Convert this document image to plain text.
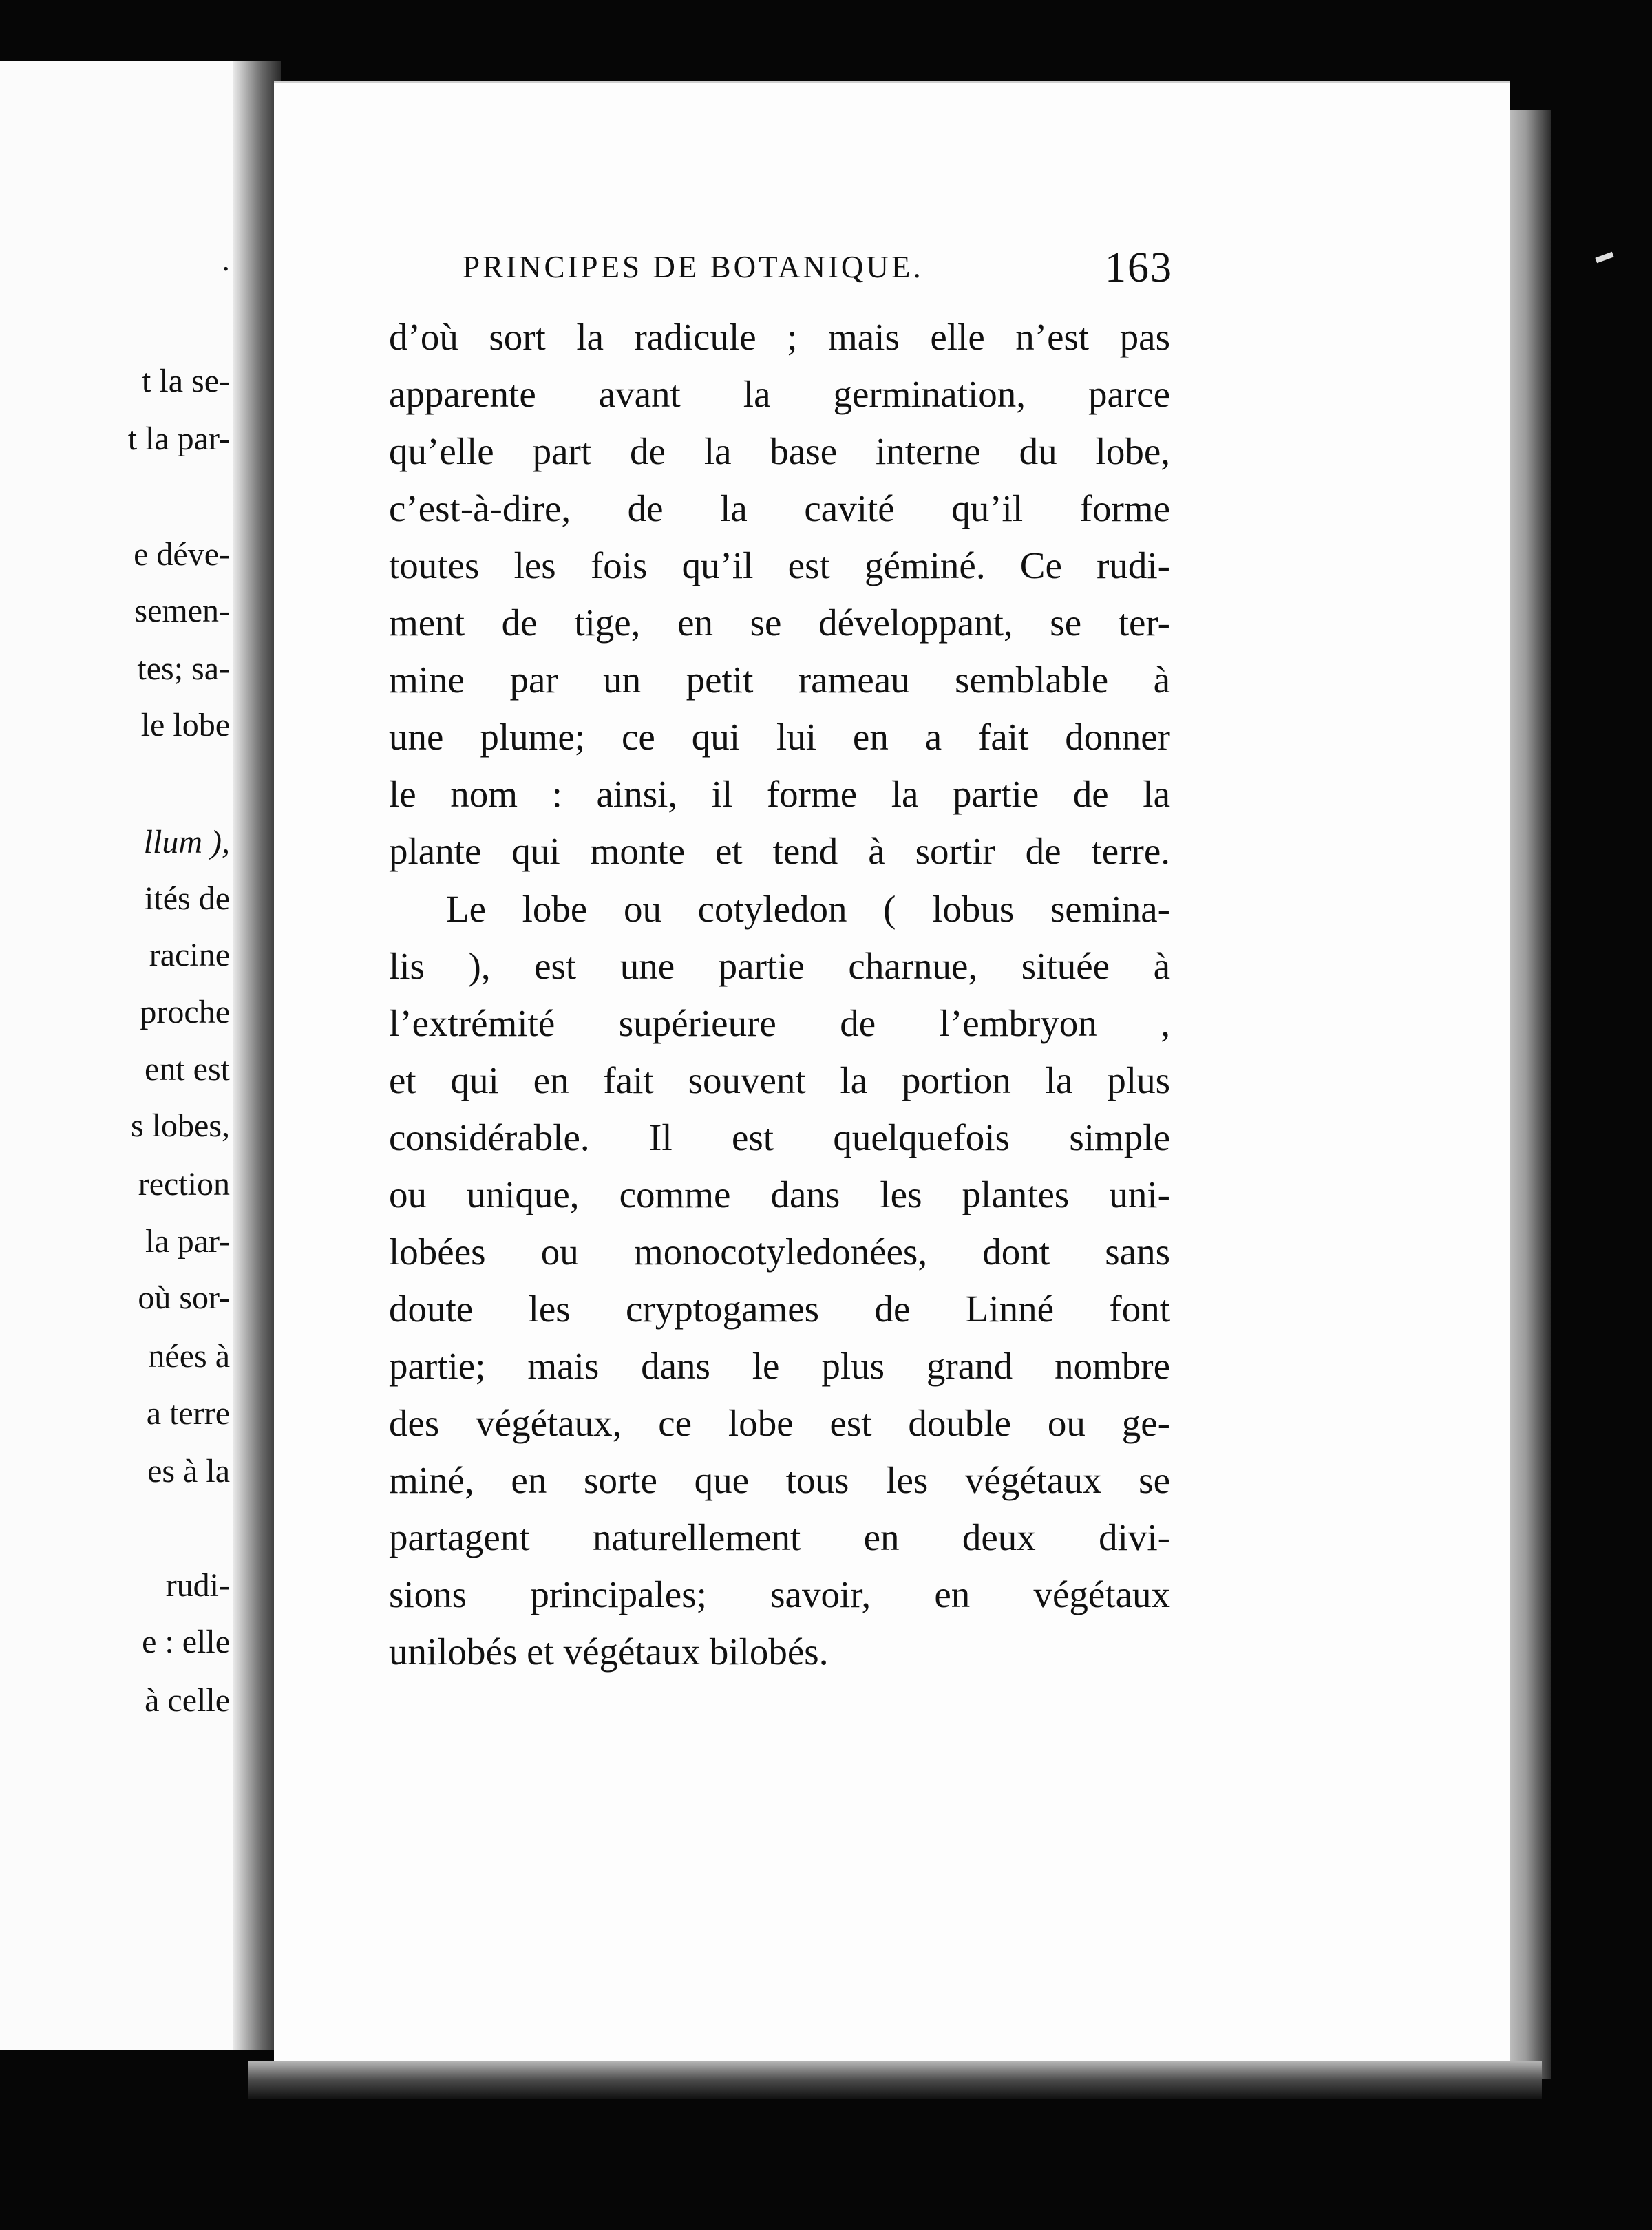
.
t la se-
t la par-
e déve-
semen-
tes; sa-
le lobe
llum ),
ités de
racine
proche
ent est
s lobes,
rection
la par-
où sor-
nées à
a terre
es à la
rudi-
e : elle
à celle
PRINCIPES DE BOTANIQUE.	163
d’où sort la radicule ; mais elle n’est pas
apparente avant la germination, parce
qu’elle part de la base interne du lobe,
c’est-à-dire, de la cavité qu’il forme
toutes les fois qu’il est géminé. Ce rudi-
ment de tige, en se développant, se ter-
mine par un petit rameau semblable à
une plume; ce qui lui en a fait donner
le nom : ainsi, il forme la partie de la
plante qui monte et tend à sortir de terre.
Le lobe ou cotyledon ( lobus semina-
lis ), est une partie charnue, située à
l’extrémité supérieure de l’embryon ,
et qui en fait souvent la portion la plus
considérable. Il est quelquefois simple
ou unique, comme dans les plantes uni-
lobées ou monocotyledonées, dont sans
doute les cryptogames de Linné font
partie; mais dans le plus grand nombre
des végétaux, ce lobe est double ou ge-
miné, en sorte que tous les végétaux se
partagent naturellement en deux divi-
sions principales; savoir, en végétaux
unilobés et végétaux bilobés.
